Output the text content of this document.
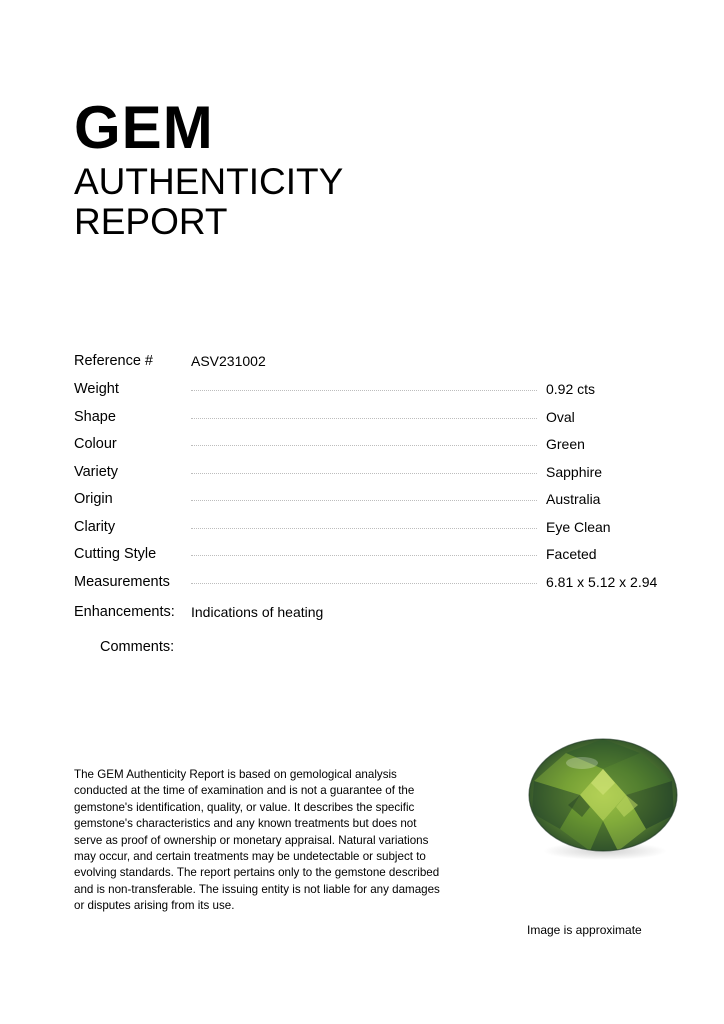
GEM
AUTHENTICITY
REPORT
Reference #	ASV231002
Weight	0.92 cts
Shape	Oval
Colour	Green
Variety	Sapphire
Origin	Australia
Clarity	Eye Clean
Cutting Style	Faceted
Measurements	6.81 x 5.12 x 2.94
Enhancements: Indications of heating
Comments:
The GEM Authenticity Report is based on gemological analysis conducted at the time of examination and is not a guarantee of the gemstone's identification, quality, or value. It describes the specific gemstone's characteristics and any known treatments but does not serve as proof of ownership or monetary appraisal. Natural variations may occur, and certain treatments may be undetectable or subject to evolving standards. The report pertains only to the gemstone described and is non-transferable. The issuing entity is not liable for any damages or disputes arising from its use.
Image is approximate
